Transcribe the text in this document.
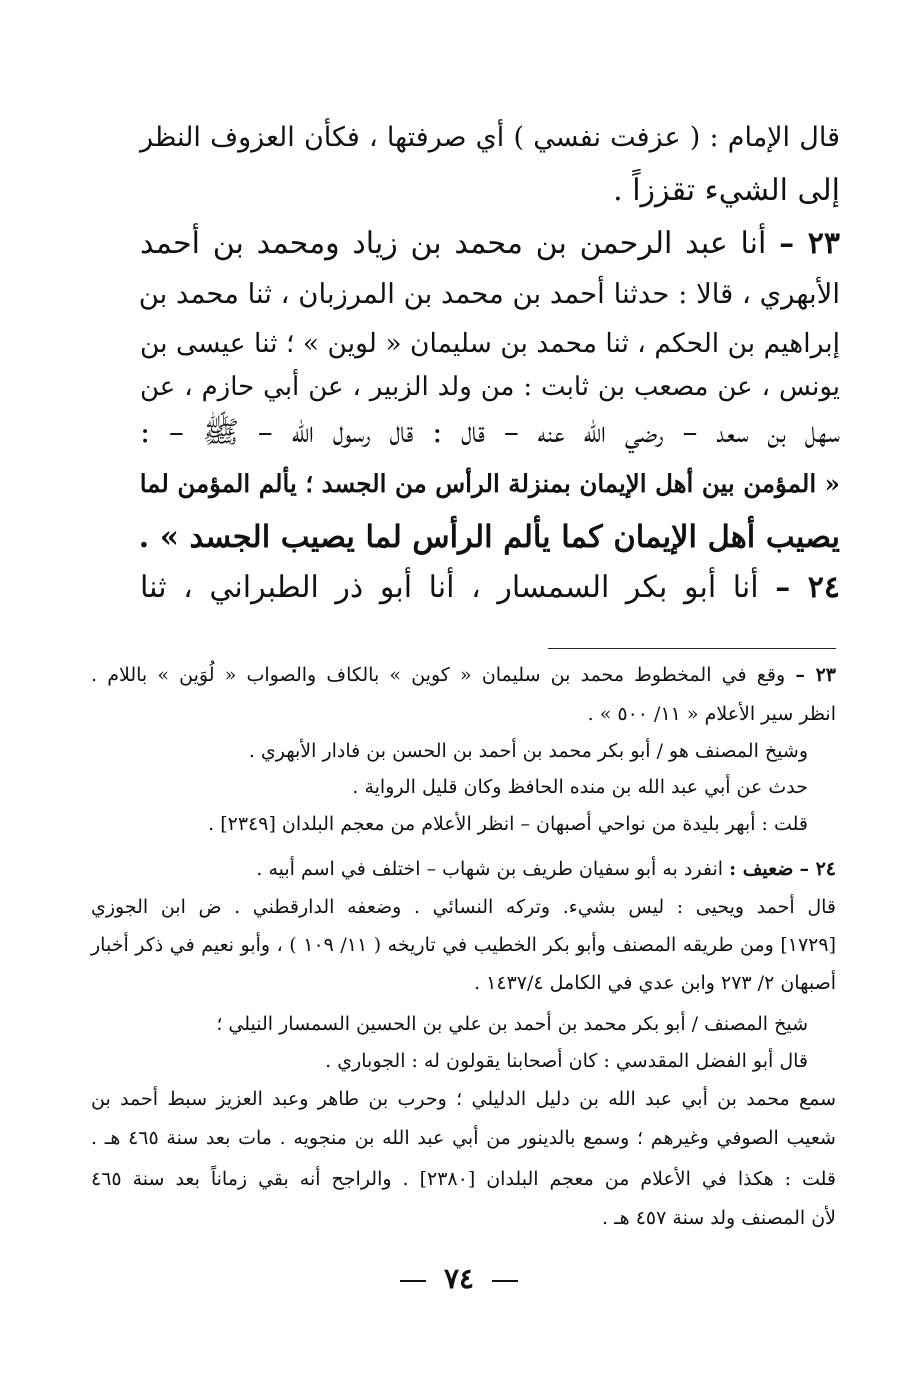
قال الإمام : ( عزفت نفسي ) أي صرفتها ، فكأن العزوف النظر
إلى الشيء تقززاً .
٢٣ – أنا عبد الرحمن بن محمد بن زياد ومحمد بن أحمد
الأبهري ، قالا : حدثنا أحمد بن محمد بن المرزبان ، ثنا محمد بن
إبراهيم بن الحكم ، ثنا محمد بن سليمان « لوين » ؛ ثنا عيسى بن
يونس ، عن مصعب بن ثابت : من ولد الزبير ، عن أبي حازم ، عن
سهل بن سعد – رضي الله عنه – قال : قال رسول الله – ﷺ – :
« المؤمن بين أهل الإيمان بمنزلة الرأس من الجسد ؛ يألم المؤمن لما
يصيب أهل الإيمان كما يألم الرأس لما يصيب الجسد » .
٢٤ – أنا أبو بكر السمسار ، أنا أبو ذر الطبراني ، ثنا
٢٣ – وقع في المخطوط محمد بن سليمان « كوين » بالكاف والصواب « لُوَين » باللام .
انظر سير الأعلام « ١١/ ٥٠٠ » .
وشيخ المصنف هو / أبو بكر محمد بن أحمد بن الحسن بن فادار الأبهري .
حدث عن أبي عبد الله بن منده الحافظ وكان قليل الرواية .
قلت : أبهر بليدة من نواحي أصبهان – انظر الأعلام من معجم البلدان [٢٣٤٩] .
٢٤ – ضعيف : انفرد به أبو سفيان طريف بن شهاب – اختلف في اسم أبيه .
قال أحمد ويحيى : ليس بشيء. وتركه النسائي . وضعفه الدارقطني . ض ابن الجوزي
[١٧٢٩] ومن طريقه المصنف وأبو بكر الخطيب في تاريخه ( ١١/ ١٠٩ ) ، وأبو نعيم في ذكر أخبار
أصبهان ٢/ ٢٧٣ وابن عدي في الكامل ١٤٣٧/٤ .
شيخ المصنف / أبو بكر محمد بن أحمد بن علي بن الحسين السمسار النيلي ؛
قال أبو الفضل المقدسي : كان أصحابنا يقولون له : الجوباري .
سمع محمد بن أبي عبد الله بن دليل الدليلي ؛ وحرب بن طاهر وعبد العزيز سبط أحمد بن
شعيب الصوفي وغيرهم ؛ وسمع بالدينور من أبي عبد الله بن منجويه . مات بعد سنة ٤٦٥ هـ .
قلت : هكذا في الأعلام من معجم البلدان [٢٣٨٠] . والراجح أنه بقي زماناً بعد سنة ٤٦٥
لأن المصنف ولد سنة ٤٥٧ هـ .
٧٤
